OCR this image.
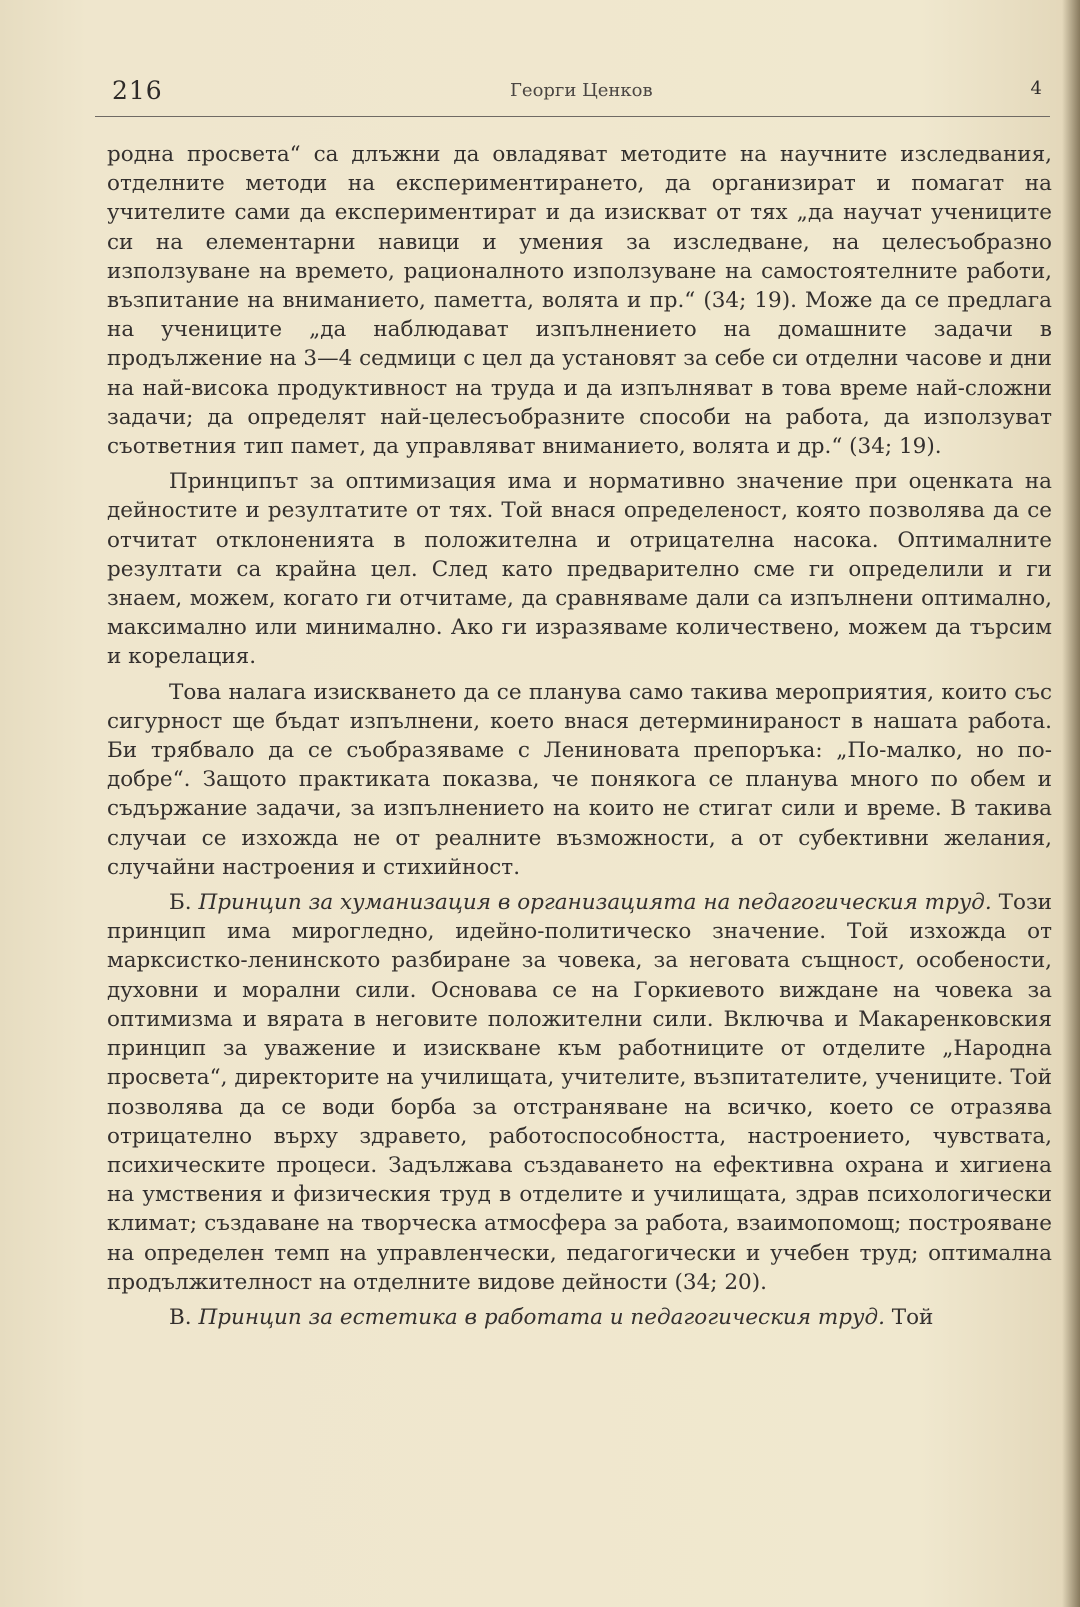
216	Георги Ценков	4

родна просвета“ са длъжни да овладяват методите на научните изследвания, отделните методи на експериментирането, да организират и помагат на учителите сами да експериментират и да изискват от тях „да научат учениците си на елементарни навици и умения за изследване, на целесъобразно използуване на времето, рационалното използуване на самостоятелните работи, възпитание на вниманието, паметта, волята и пр.“ (34; 19). Може да се предлага на учениците „да наблюдават изпълнението на домашните задачи в продължение на 3—4 седмици с цел да установят за себе си отделни часове и дни на най-висока продуктивност на труда и да изпълняват в това време най-сложни задачи; да определят най-целесъобразните способи на работа, да използуват съответния тип памет, да управляват вниманието, волята и др.“ (34; 19).

Принципът за оптимизация има и нормативно значение при оценката на дейностите и резултатите от тях. Той внася определеност, която позволява да се отчитат отклоненията в положителна и отрицателна насока. Оптималните резултати са крайна цел. След като предварително сме ги определили и ги знаем, можем, когато ги отчитаме, да сравняваме дали са изпълнени оптимално, максимално или минимално. Ако ги изразяваме количествено, можем да търсим и корелация.

Това налага изискването да се планува само такива мероприятия, които със сигурност ще бъдат изпълнени, което внася детерминираност в нашата работа. Би трябвало да се съобразяваме с Лениновата препоръка: „По-малко, но по-добре“. Защото практиката показва, че понякога се планува много по обем и съдържание задачи, за изпълнението на които не стигат сили и време. В такива случаи се изхожда не от реалните възможности, а от субективни желания, случайни настроения и стихийност.

Б. Принцип за хуманизация в организацията на педагогическия труд. Този принцип има мирогледно, идейно-политическо значение. Той изхожда от марксистко-ленинското разбиране за човека, за неговата същност, особености, духовни и морални сили. Основава се на Горкиевото виждане на човека за оптимизма и вярата в неговите положителни сили. Включва и Макаренковския принцип за уважение и изискване към работниците от отделите „Народна просвета“, директорите на училищата, учителите, възпитателите, учениците. Той позволява да се води борба за отстраняване на всичко, което се отразява отрицателно върху здравето, работоспособността, настроението, чувствата, психическите процеси. Задължава създаването на ефективна охрана и хигиена на умствения и физическия труд в отделите и училищата, здрав психологически климат; създаване на творческа атмосфера за работа, взаимопомощ; построяване на определен темп на управленчески, педагогически и учебен труд; оптимална продължителност на отделните видове дейности (34; 20).

В. Принцип за естетика в работата и педагогическия труд. Той
